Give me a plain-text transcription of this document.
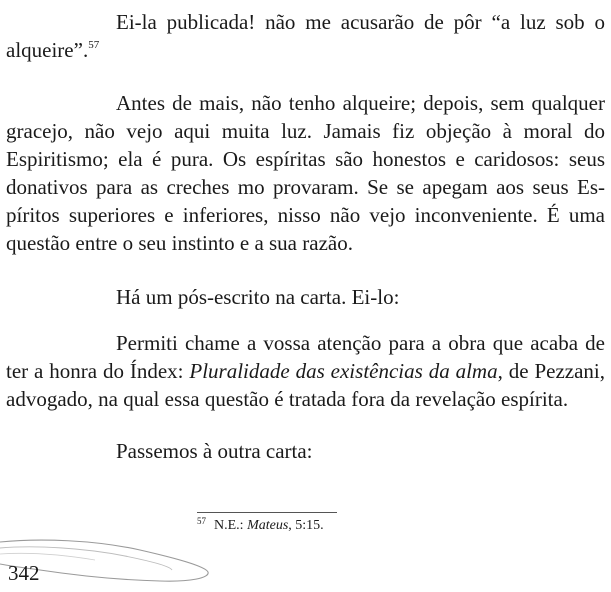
Ei-la publicada! não me acusarão de pôr “a luz sob o alqueire”.$^{57}$

Antes de mais, não tenho alqueire; depois, sem qualquer gracejo, não vejo aqui muita luz. Jamais fiz objeção à moral do Espiritismo; ela é pura. Os espíritas são honestos e caridosos: seus donativos para as creches mo provaram. Se se apegam aos seus Espíritos superiores e inferiores, nisso não vejo inconveniente. É uma questão entre o seu instinto e a sua razão.

Há um pós-escrito na carta. Ei-lo:

Permiti chame a vossa atenção para a obra que acaba de ter a honra do Índex: Pluralidade das existências da alma, de Pezzani, advogado, na qual essa questão é tratada fora da revelação espírita.

Passemos à outra carta:

$^{57}$ N.E.: Mateus, 5:15.
342
